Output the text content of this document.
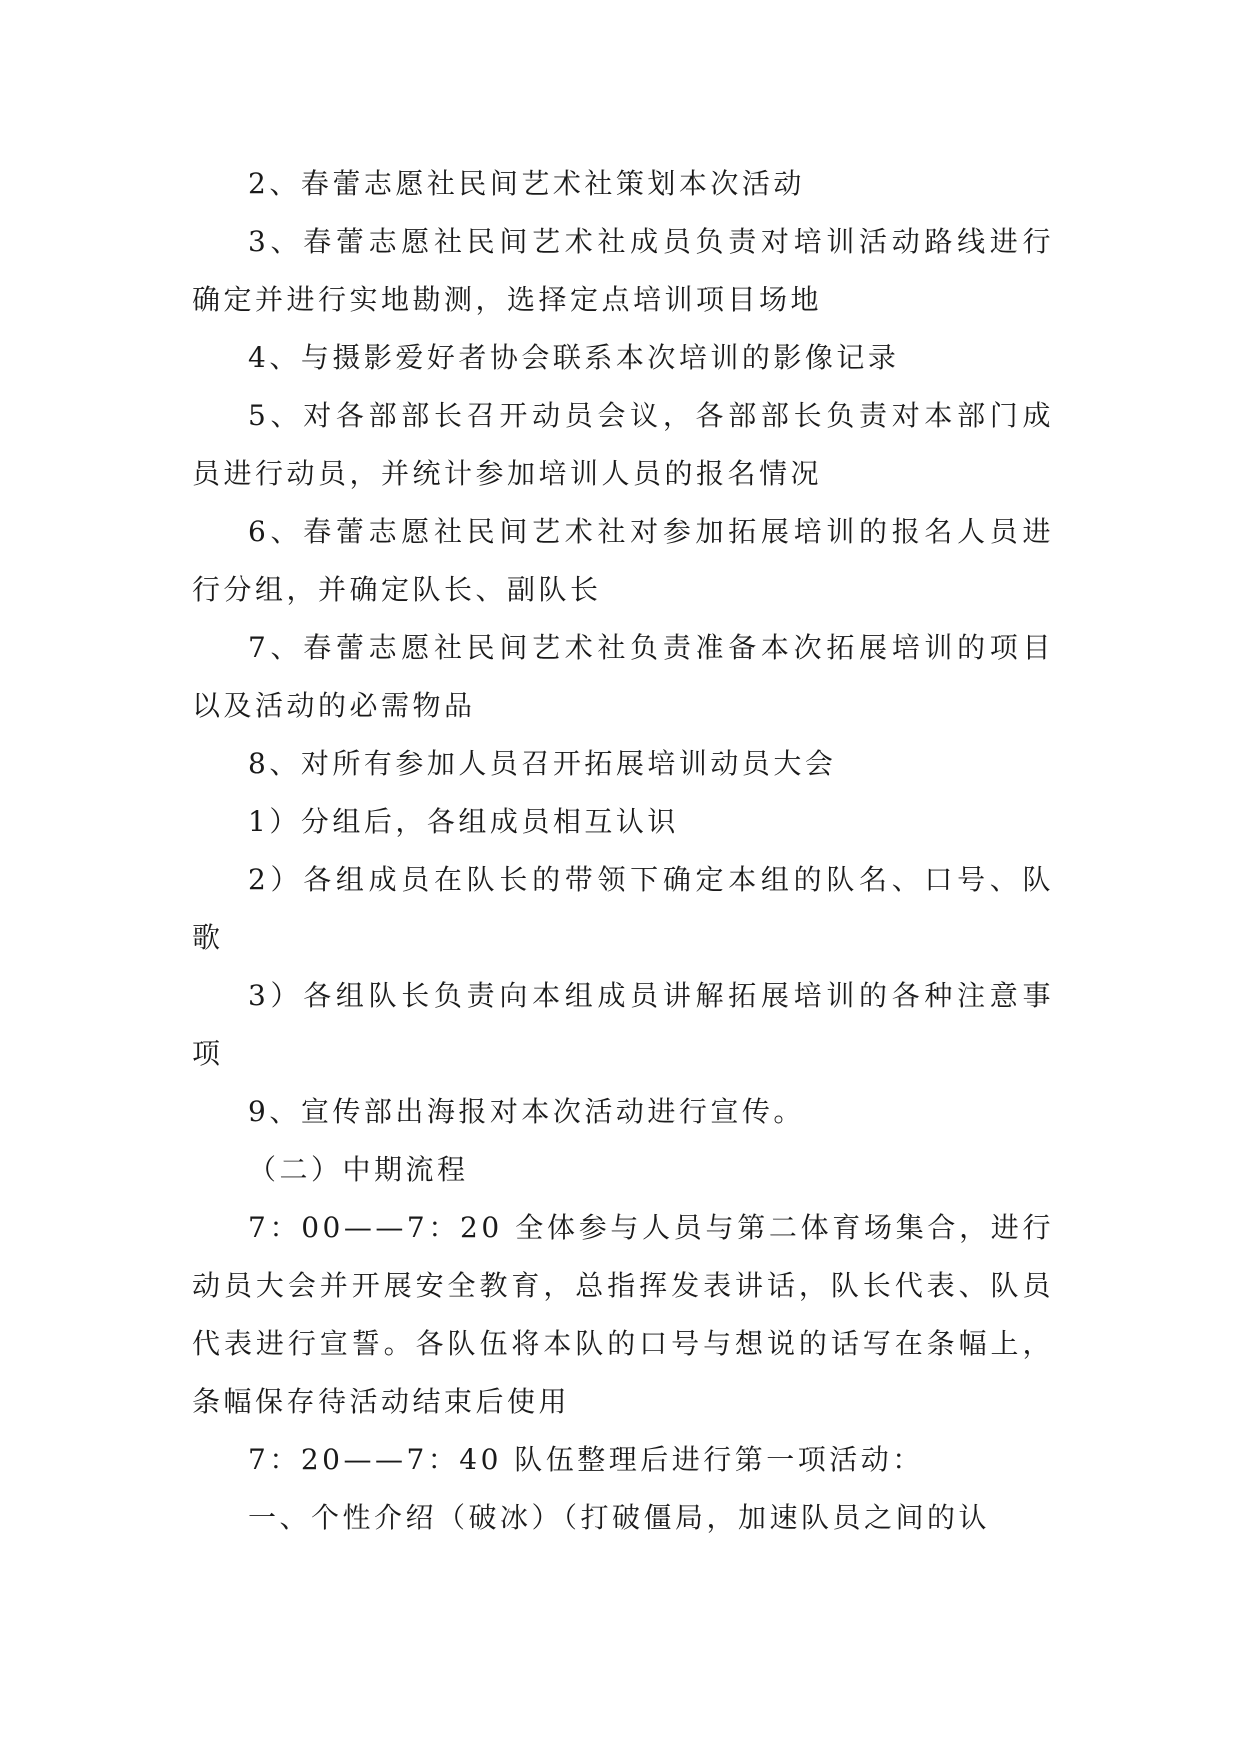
2、春蕾志愿社民间艺术社策划本次活动

3、春蕾志愿社民间艺术社成员负责对培训活动路线进行确定并进行实地勘测，选择定点培训项目场地

4、与摄影爱好者协会联系本次培训的影像记录

5、对各部部长召开动员会议，各部部长负责对本部门成员进行动员，并统计参加培训人员的报名情况

6、春蕾志愿社民间艺术社对参加拓展培训的报名人员进行分组，并确定队长、副队长

7、春蕾志愿社民间艺术社负责准备本次拓展培训的项目以及活动的必需物品

8、对所有参加人员召开拓展培训动员大会

1）分组后，各组成员相互认识

2）各组成员在队长的带领下确定本组的队名、口号、队歌

3）各组队长负责向本组成员讲解拓展培训的各种注意事项

9、宣传部出海报对本次活动进行宣传。

（二）中期流程

7：00——7：20 全体参与人员与第二体育场集合，进行动员大会并开展安全教育，总指挥发表讲话，队长代表、队员代表进行宣誓。各队伍将本队的口号与想说的话写在条幅上，条幅保存待活动结束后使用

7：20——7：40 队伍整理后进行第一项活动：

一、个性介绍（破冰）（打破僵局，加速队员之间的认
